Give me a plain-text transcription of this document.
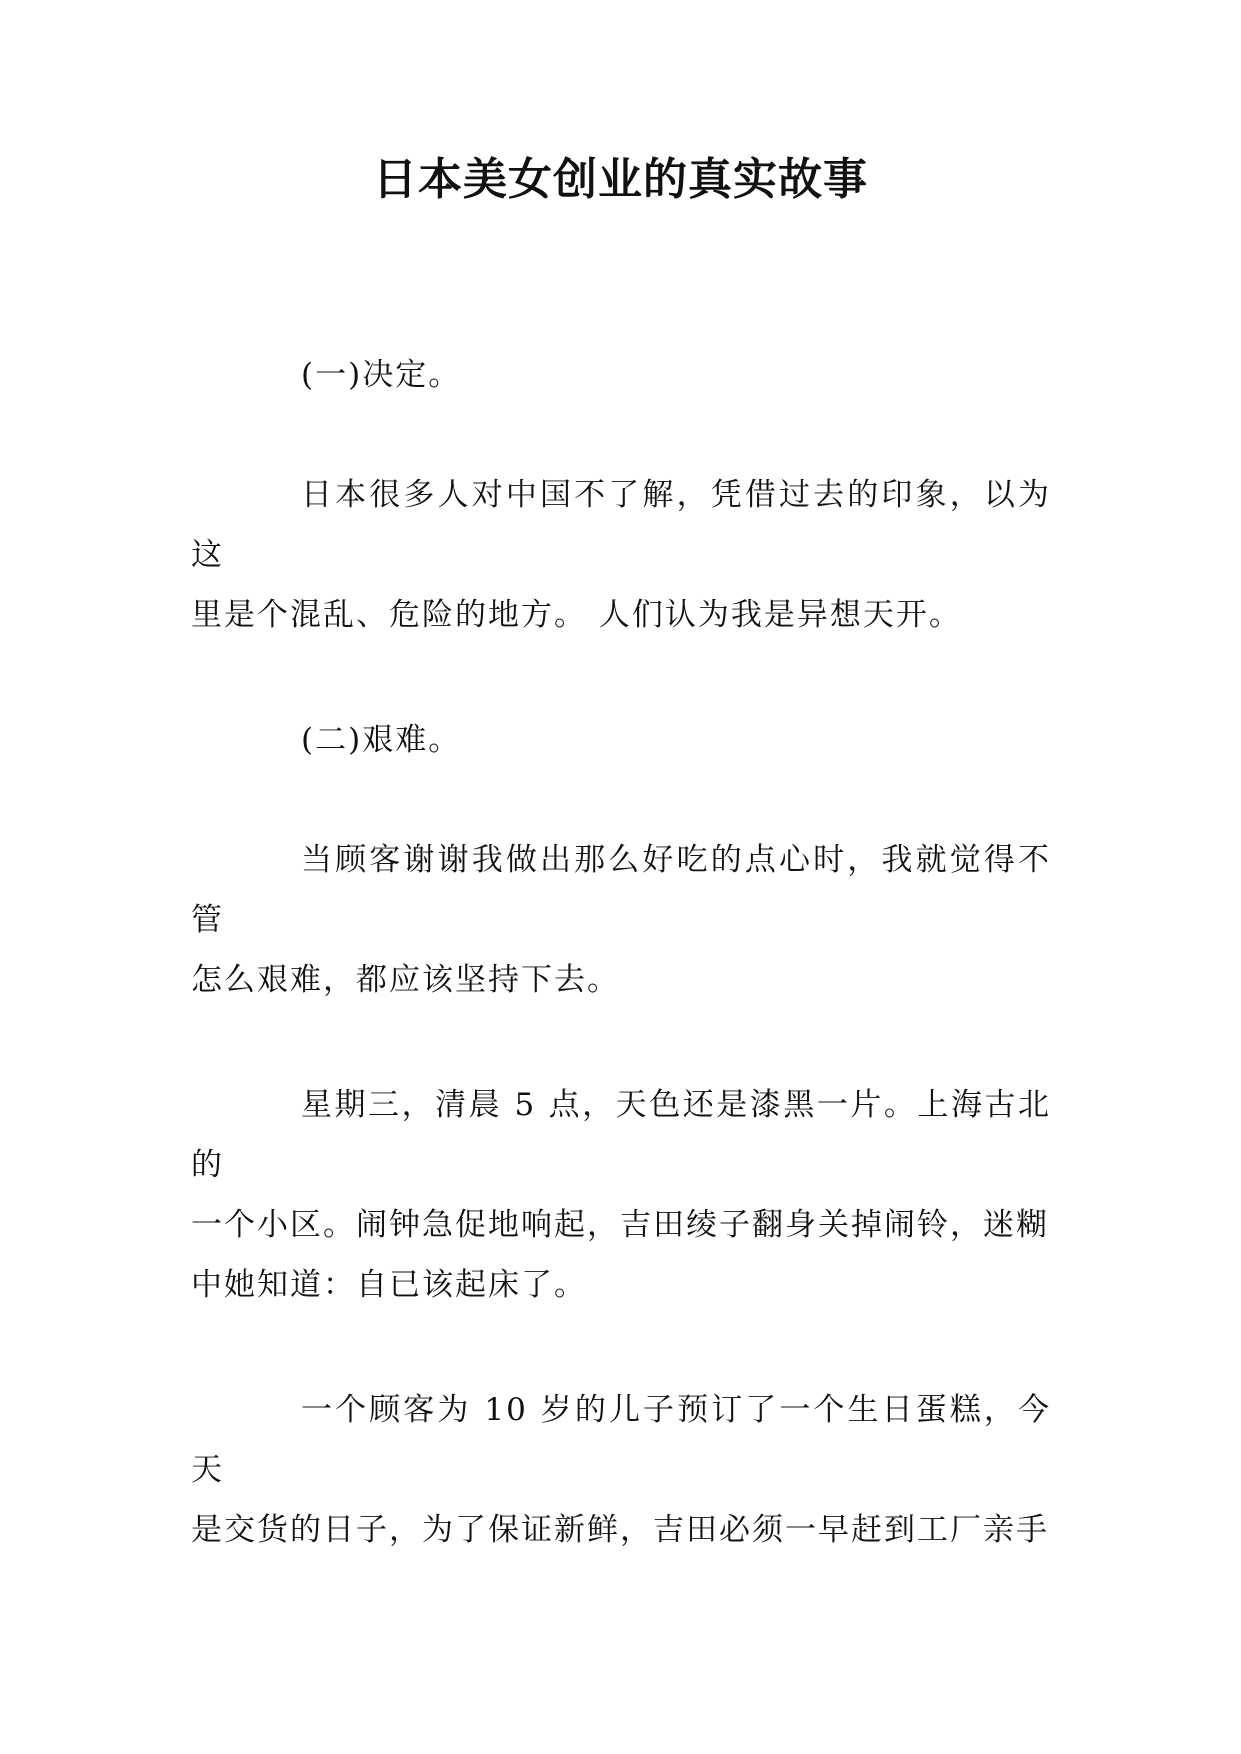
日本美女创业的真实故事

(一)决定。

日本很多人对中国不了解，凭借过去的印象，以为这
里是个混乱、危险的地方。 人们认为我是异想天开。

(二)艰难。

当顾客谢谢我做出那么好吃的点心时，我就觉得不管
怎么艰难，都应该坚持下去。

星期三，清晨 5 点，天色还是漆黑一片。上海古北的
一个小区。闹钟急促地响起，吉田绫子翻身关掉闹铃，迷糊
中她知道：自已该起床了。

一个顾客为 10 岁的儿子预订了一个生日蛋糕，今天
是交货的日子，为了保证新鲜，吉田必须一早赶到工厂亲手
